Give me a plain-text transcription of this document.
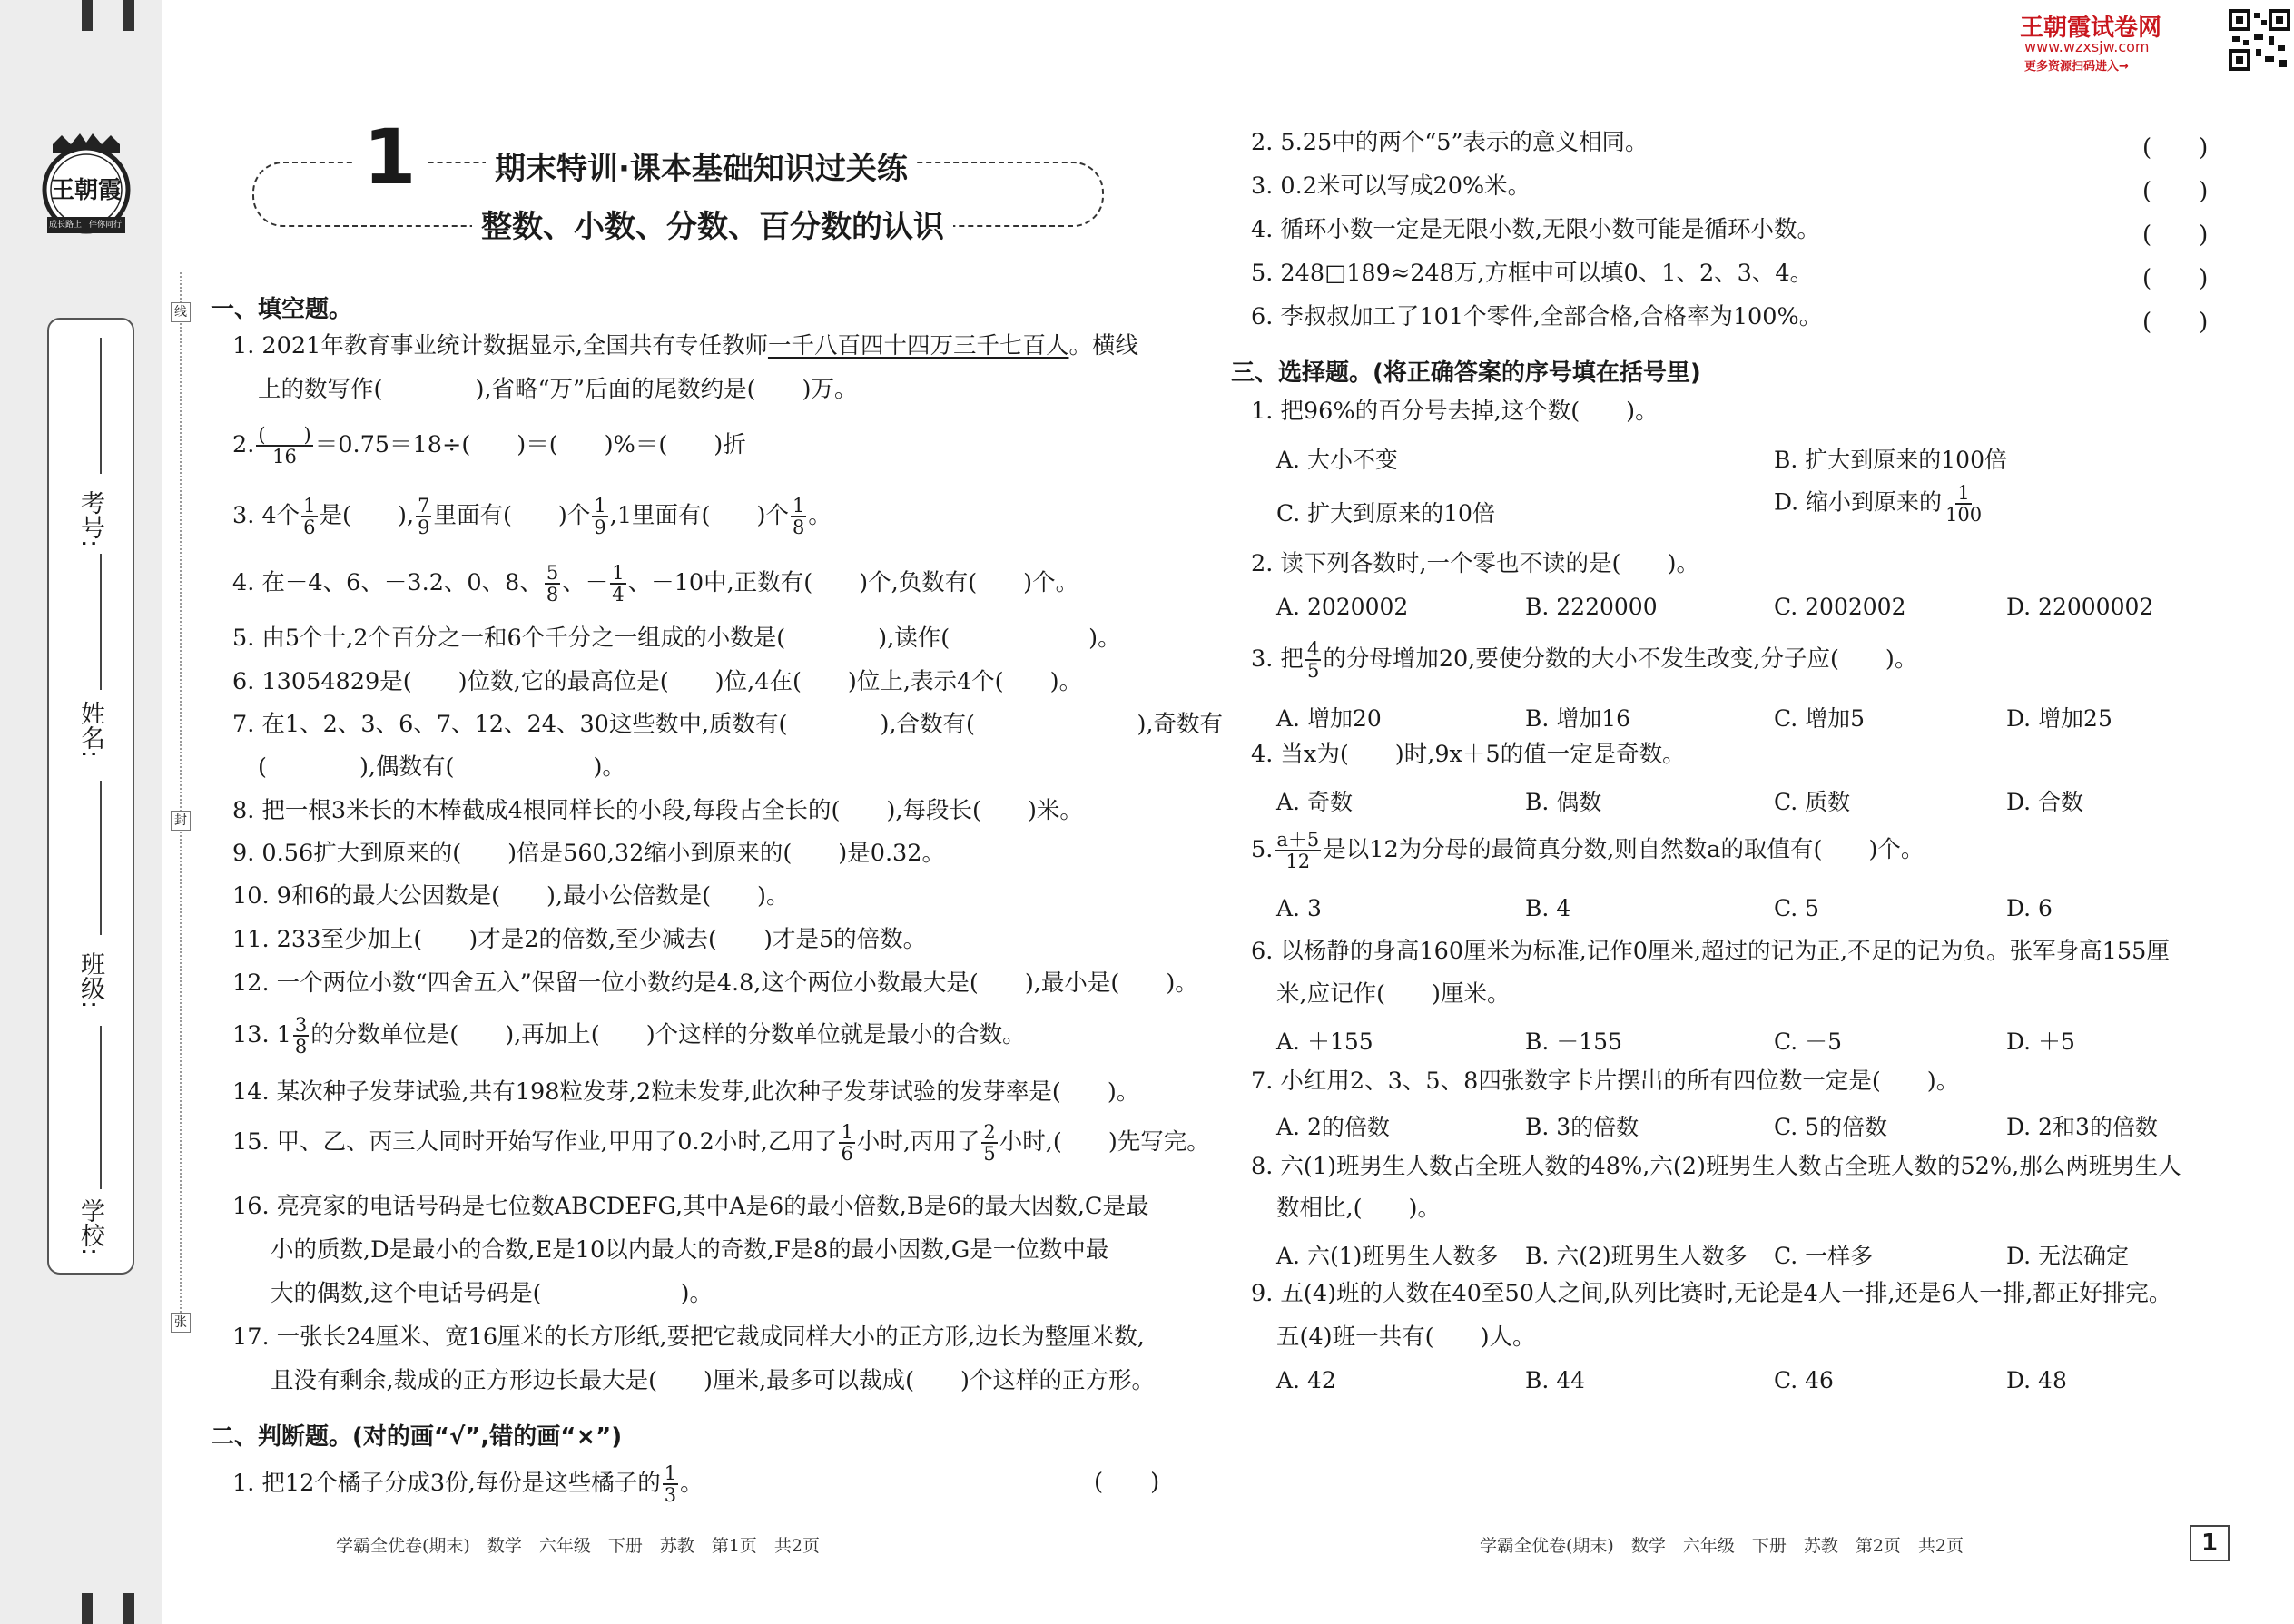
王朝霞
成长路上 伴你同行
考号:
姓名:
班级:
学校:
线
封
张
王朝霞试卷网
www.wzxsjw.com
更多资源扫码进入→
1	期末特训·课本基础知识过关练
整数、小数、分数、百分数的认识
一、填空题。
1. 2021年教育事业统计数据显示,全国共有专任教师一千八百四十四万三千七百人。横线
上的数写作(　　　　),省略“万”后面的尾数约是(　　)万。
2. $\frac{( )}{16} =0.75=18\div$(　　)＝(　　)%＝(　　)折
3. 4个 $\frac{1}{6}$ 是(　　), $\frac{7}{9}$ 里面有(　　)个 $\frac{1}{9} ,1$里面有(　　)个 $\frac{1}{8}$ 。
4. 在－4、6、－3.2、0、8、 $\frac{5}{8}$ 、－ $\frac{1}{4}$ 、－10中,正数有(　　)个,负数有(　　)个。
5. 由5个十,2个百分之一和6个千分之一组成的小数是(　　　　),读作(　　　　　　)。
6. 13054829是(　　)位数,它的最高位是(　　)位,4在(　　)位上,表示4个(　　)。
7. 在1、2、3、6、7、12、24、30这些数中,质数有(　　　　),合数有(　　　　　　　),奇数有
(　　　　),偶数有(　　　　　　)。
8. 把一根3米长的木棒截成4根同样长的小段,每段占全长的(　　),每段长(　　)米。
9. 0.56扩大到原来的(　　)倍是560,32缩小到原来的(　　)是0.32。
10. 9和6的最大公因数是(　　),最小公倍数是(　　)。
11. 233至少加上(　　)才是2的倍数,至少减去(　　)才是5的倍数。
12. 一个两位小数“四舍五入”保留一位小数约是4.8,这个两位小数最大是(　　),最小是(　　)。
13. $1 \frac{3}{8}$ 的分数单位是(　　),再加上(　　)个这样的分数单位就是最小的合数。
14. 某次种子发芽试验,共有198粒发芽,2粒未发芽,此次种子发芽试验的发芽率是(　　)。
15. 甲、乙、丙三人同时开始写作业,甲用了0.2小时,乙用了 $\frac{1}{6}$ 小时,丙用了 $\frac{2}{5}$ 小时,(　　)先写完。
16. 亮亮家的电话号码是七位数ABCDEFG,其中A是6的最小倍数,B是6的最大因数,C是最
小的质数,D是最小的合数,E是10以内最大的奇数,F是8的最小因数,G是一位数中最
大的偶数,这个电话号码是(　　　　　　)。
17. 一张长24厘米、宽16厘米的长方形纸,要把它裁成同样大小的正方形,边长为整厘米数,
且没有剩余,裁成的正方形边长最大是(　　)厘米,最多可以裁成(　　)个这样的正方形。
二、判断题。(对的画“√”,错的画“×”)
1. 把12个橘子分成3份,每份是这些橘子的 $\frac{1}{3}$ 。	(　　)
学霸全优卷(期末)　数学　六年级　下册　苏教　第1页　共2页
2. 5.25中的两个“5”表示的意义相同。	(　　)
3. 0.2米可以写成20%米。	(　　)
4. 循环小数一定是无限小数,无限小数可能是循环小数。	(　　)
5. 248□189≈248万,方框中可以填0、1、2、3、4。	(　　)
6. 李叔叔加工了101个零件,全部合格,合格率为100%。	(　　)
三、选择题。(将正确答案的序号填在括号里)
1. 把96%的百分号去掉,这个数(　　)。
A. 大小不变	B. 扩大到原来的100倍
C. 扩大到原来的10倍	D. 缩小到原来的 $\frac{1}{100}$
2. 读下列各数时,一个零也不读的是(　　)。
A. 2020002	B. 2220000	C. 2002002	D. 22000002
3. 把 $\frac{4}{5}$ 的分母增加20,要使分数的大小不发生改变,分子应(　　)。
A. 增加20	B. 增加16	C. 增加5	D. 增加25
4. 当x为(　　)时,9x＋5的值一定是奇数。
A. 奇数	B. 偶数	C. 质数	D. 合数
5. $\frac{a+5}{12}$ 是以12为分母的最简真分数,则自然数a的取值有(　　)个。
A. 3	B. 4	C. 5	D. 6
6. 以杨静的身高160厘米为标准,记作0厘米,超过的记为正,不足的记为负。张军身高155厘
米,应记作(　　)厘米。
A. ＋155	B. －155	C. －5	D. ＋5
7. 小红用2、3、5、8四张数字卡片摆出的所有四位数一定是(　　)。
A. 2的倍数	B. 3的倍数	C. 5的倍数	D. 2和3的倍数
8. 六(1)班男生人数占全班人数的48%,六(2)班男生人数占全班人数的52%,那么两班男生人
数相比,(　　)。
A. 六(1)班男生人数多 B. 六(2)班男生人数多 C. 一样多	D. 无法确定
9. 五(4)班的人数在40至50人之间,队列比赛时,无论是4人一排,还是6人一排,都正好排完。
五(4)班一共有(　　)人。
A. 42	B. 44	C. 46	D. 48
学霸全优卷(期末)　数学　六年级　下册　苏教　第2页　共2页	1
